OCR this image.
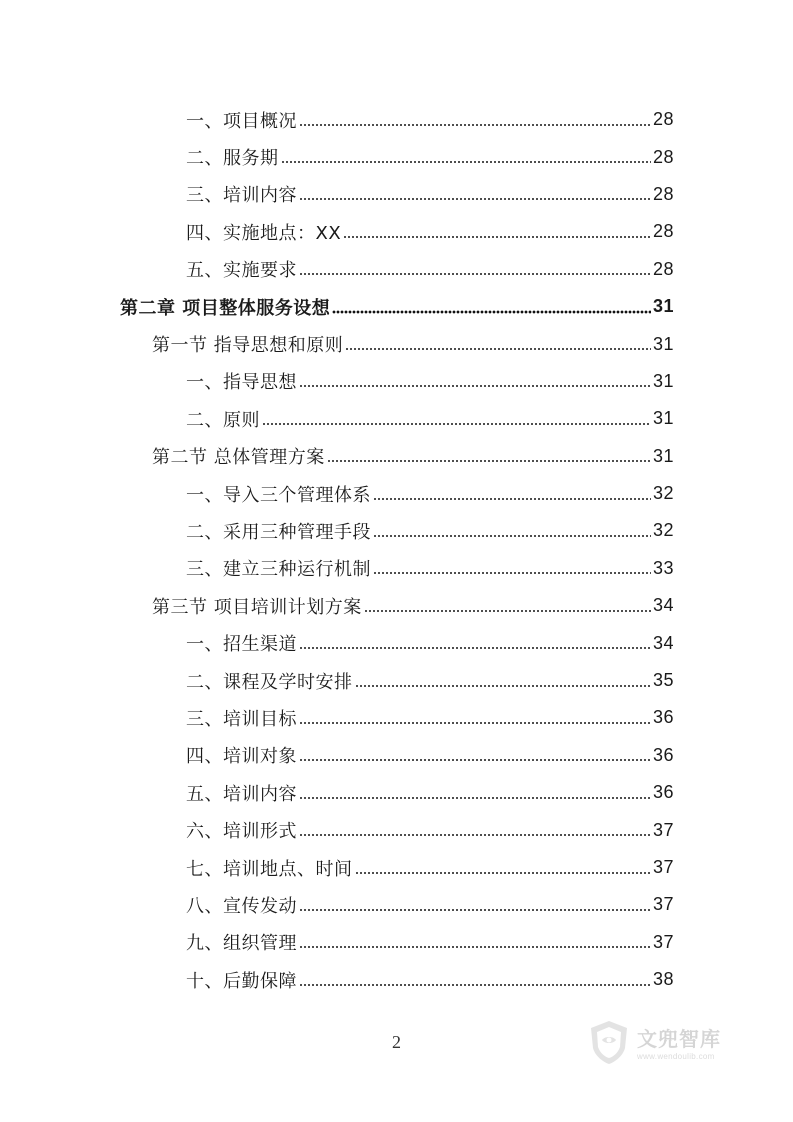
一、项目概况	28
二、服务期	28
三、培训内容	28
四、实施地点：XX	28
五、实施要求	28
第二章 项目整体服务设想	31
第一节 指导思想和原则	31
一、指导思想	31
二、原则	31
第二节 总体管理方案	31
一、导入三个管理体系	32
二、采用三种管理手段	32
三、建立三种运行机制	33
第三节 项目培训计划方案	34
一、招生渠道	34
二、课程及学时安排	35
三、培训目标	36
四、培训对象	36
五、培训内容	36
六、培训形式	37
七、培训地点、时间	37
八、宣传发动	37
九、组织管理	37
十、后勤保障	38
2	文兜智库
www.wendoulib.com
